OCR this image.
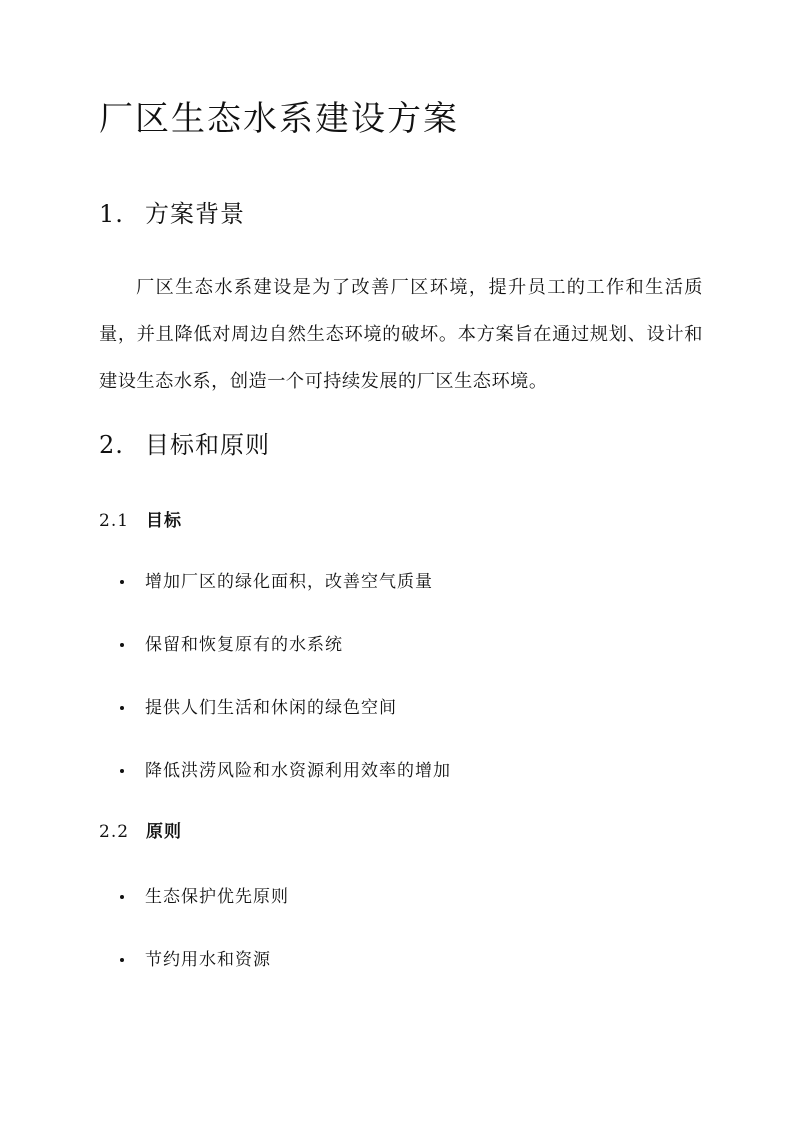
厂区生态水系建设方案
1. 方案背景

厂区生态水系建设是为了改善厂区环境，提升员工的工作和生活质量，并且降低对周边自然生态环境的破坏。本方案旨在通过规划、设计和建设生态水系，创造一个可持续发展的厂区生态环境。

2. 目标和原则
2.1 目标
增加厂区的绿化面积，改善空气质量
保留和恢复原有的水系统
提供人们生活和休闲的绿色空间
降低洪涝风险和水资源利用效率的增加
2.2 原则
生态保护优先原则
节约用水和资源
